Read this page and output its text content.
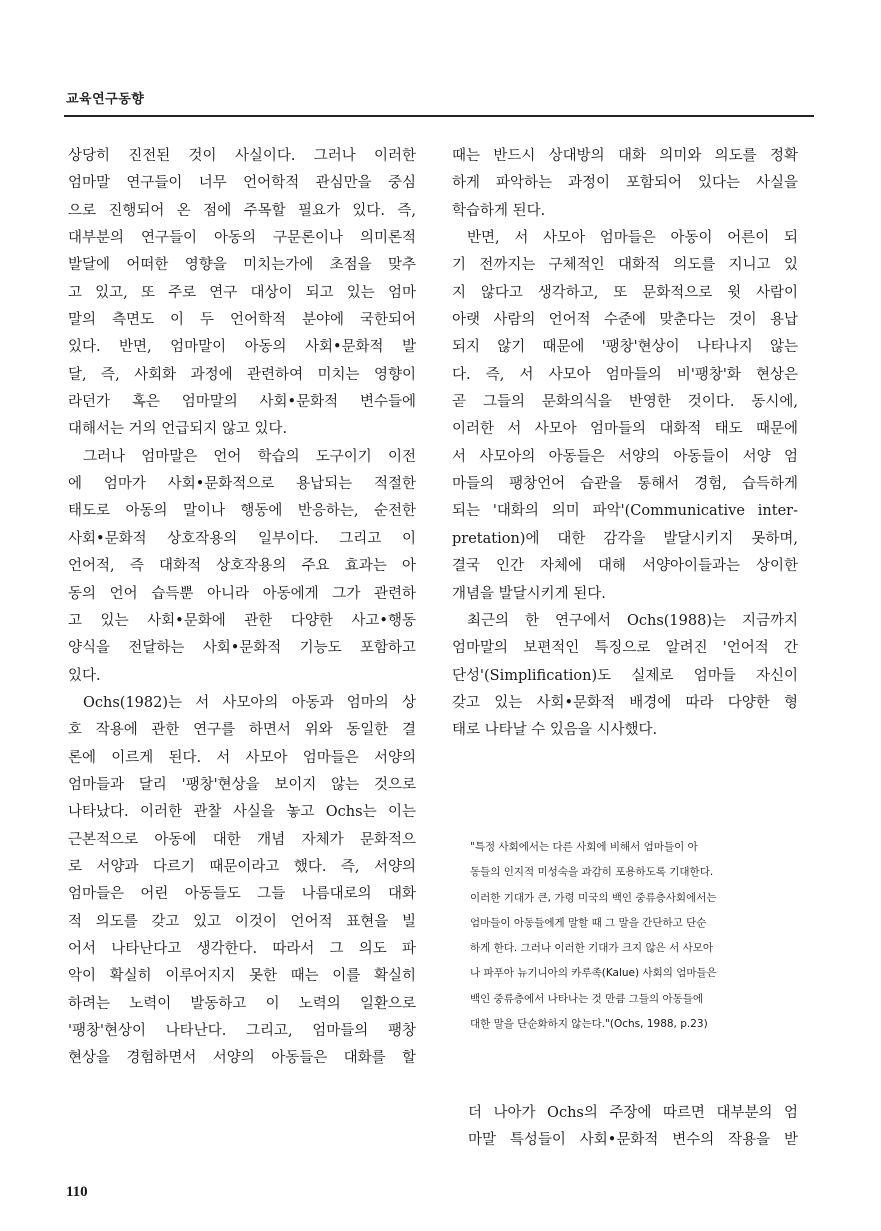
교육연구동향
상당히 진전된 것이 사실이다. 그러나 이러한
엄마말 연구들이 너무 언어학적 관심만을 중심
으로 진행되어 온 점에 주목할 필요가 있다. 즉,
대부분의 연구들이 아동의 구문론이나 의미론적
발달에 어떠한 영향을 미치는가에 초점을 맞추
고 있고, 또 주로 연구 대상이 되고 있는 엄마
말의 측면도 이 두 언어학적 분야에 국한되어
있다. 반면, 엄마말이 아동의 사회•문화적 발
달, 즉, 사회화 과정에 관련하여 미치는 영향이
라던가 혹은 엄마말의 사회•문화적 변수들에
대해서는 거의 언급되지 않고 있다.
그러나 엄마말은 언어 학습의 도구이기 이전
에 엄마가 사회•문화적으로 용납되는 적절한
태도로 아동의 말이나 행동에 반응하는, 순전한
사회•문화적 상호작용의 일부이다. 그리고 이
언어적, 즉 대화적 상호작용의 주요 효과는 아
동의 언어 습득뿐 아니라 아동에게 그가 관련하
고 있는 사회•문화에 관한 다양한 사고•행동
양식을 전달하는 사회•문화적 기능도 포함하고
있다.
Ochs(1982)는 서 사모아의 아동과 엄마의 상
호 작용에 관한 연구를 하면서 위와 동일한 결
론에 이르게 된다. 서 사모아 엄마들은 서양의
엄마들과 달리 '팽창'현상을 보이지 않는 것으로
나타났다. 이러한 관찰 사실을 놓고 Ochs는 이는
근본적으로 아동에 대한 개념 자체가 문화적으
로 서양과 다르기 때문이라고 했다. 즉, 서양의
엄마들은 어린 아동들도 그들 나름대로의 대화
적 의도를 갖고 있고 이것이 언어적 표현을 빌
어서 나타난다고 생각한다. 따라서 그 의도 파
악이 확실히 이루어지지 못한 때는 이를 확실히
하려는 노력이 발동하고 이 노력의 일환으로
'팽창'현상이 나타난다. 그리고, 엄마들의 팽창
현상을 경험하면서 서양의 아동들은 대화를 할
때는 반드시 상대방의 대화 의미와 의도를 정확
하게 파악하는 과정이 포함되어 있다는 사실을
학습하게 된다.
반면, 서 사모아 엄마들은 아동이 어른이 되
기 전까지는 구체적인 대화적 의도를 지니고 있
지 않다고 생각하고, 또 문화적으로 윗 사람이
아랫 사람의 언어적 수준에 맞춘다는 것이 용납
되지 않기 때문에 '팽창'현상이 나타나지 않는
다. 즉, 서 사모아 엄마들의 비'팽창'화 현상은
곧 그들의 문화의식을 반영한 것이다. 동시에,
이러한 서 사모아 엄마들의 대화적 태도 때문에
서 사모아의 아동들은 서양의 아동들이 서양 엄
마들의 팽창언어 습관을 통해서 경험, 습득하게
되는 '대화의 의미 파악'(Communicative inter-
pretation)에 대한 감각을 발달시키지 못하며,
결국 인간 자체에 대해 서양아이들과는 상이한
개념을 발달시키게 된다.
최근의 한 연구에서 Ochs(1988)는 지금까지
엄마말의 보편적인 특징으로 알려진 '언어적 간
단성'(Simplification)도 실제로 엄마들 자신이
갖고 있는 사회•문화적 배경에 따라 다양한 형
태로 나타날 수 있음을 시사했다.
"특정 사회에서는 다른 사회에 비해서 엄마들이 아
동들의 인지적 미성숙을 과감히 포용하도록 기대한다.
이러한 기대가 큰, 가령 미국의 백인 중류층사회에서는
엄마들이 아동들에게 말할 때 그 말을 간단하고 단순
하게 한다. 그러나 이러한 기대가 크지 않은 서 사모아
나 파푸아 뉴기니아의 카루족(Kalue) 사회의 엄마들은
백인 중류층에서 나타나는 것 만큼 그들의 아동들에
대한 말을 단순화하지 않는다."(Ochs, 1988, p.23)
더 나아가 Ochs의 주장에 따르면 대부분의 엄
마말 특성들이 사회•문화적 변수의 작용을 받
110
